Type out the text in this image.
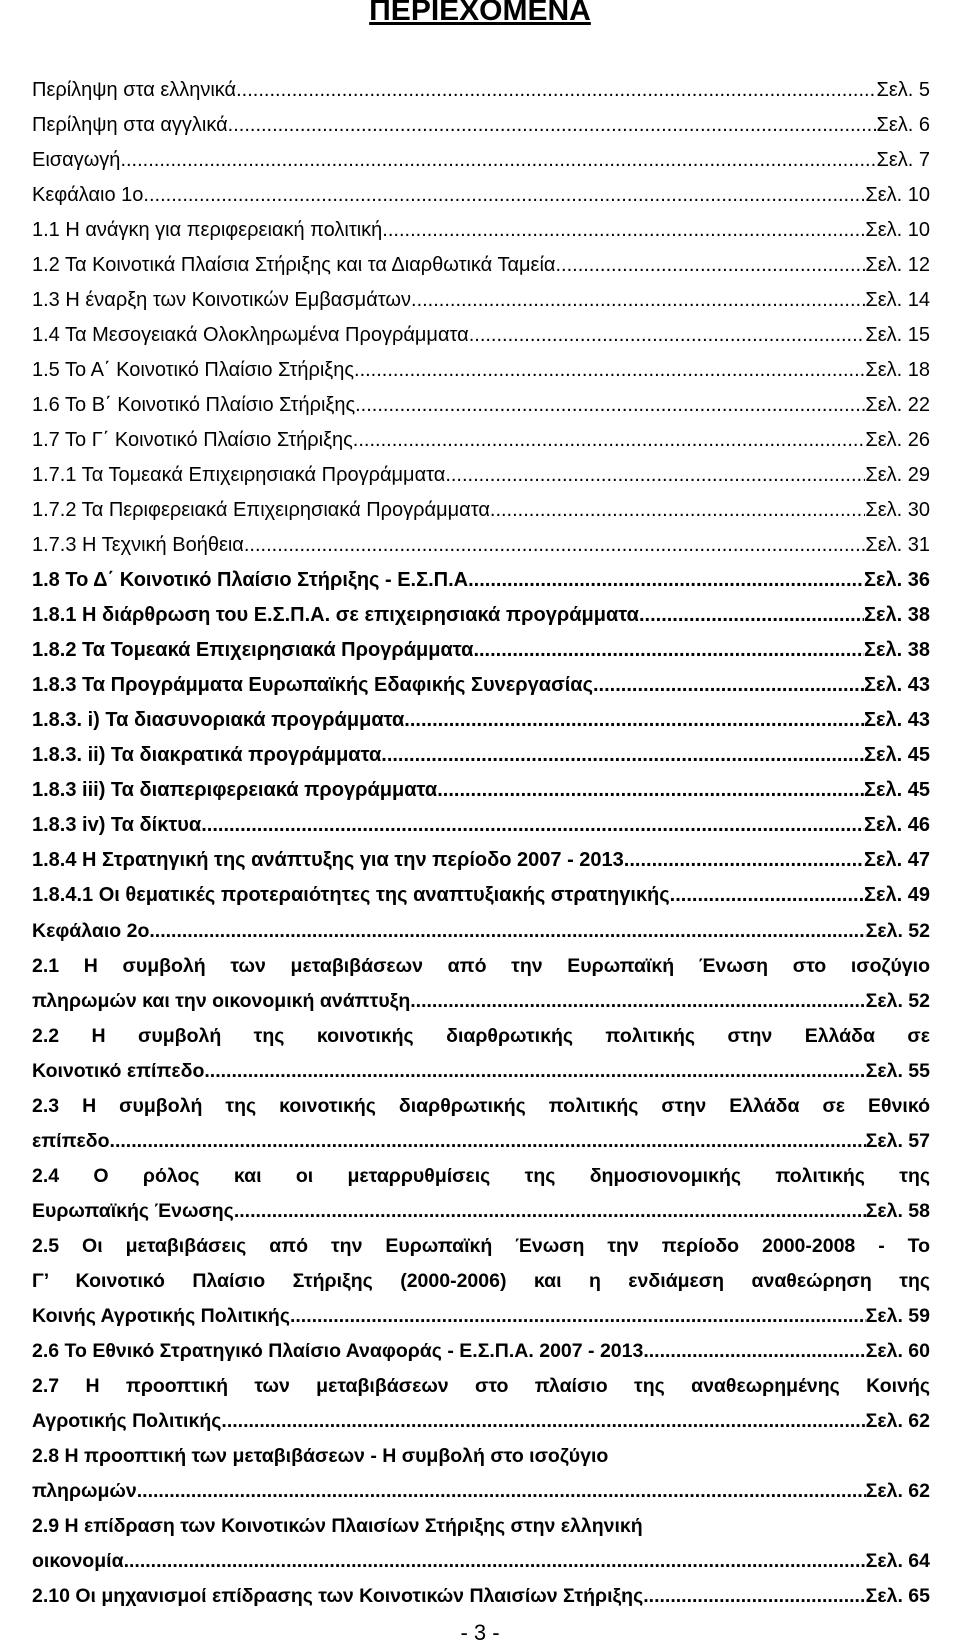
ΠΕΡΙΕΧΟΜΕΝΑ
Περίληψη στα ελληνικά .....	Σελ. 5
Περίληψη στα αγγλικά .....	Σελ. 6
Εισαγωγή .....	Σελ. 7
Κεφάλαιο 1ο .....	Σελ. 10
1.1 Η ανάγκη για περιφερειακή πολιτική .....	Σελ. 10
1.2 Τα Κοινοτικά Πλαίσια Στήριξης και τα Διαρθωτικά Ταμεία .....	Σελ. 12
1.3 Η έναρξη των Κοινοτικών Εμβασμάτων .....	Σελ. 14
1.4 Τα Μεσογειακά Ολοκληρωμένα Προγράμματα .....	Σελ. 15
1.5 Το Α΄ Κοινοτικό Πλαίσιο Στήριξης .....	Σελ. 18
1.6 Το Β΄ Κοινοτικό Πλαίσιο Στήριξης .....	Σελ. 22
1.7 Το Γ΄ Κοινοτικό Πλαίσιο Στήριξης .....	Σελ. 26
1.7.1 Τα Τομεακά Επιχειρησιακά Προγράμματα .....	Σελ. 29
1.7.2 Τα Περιφερειακά Επιχειρησιακά Προγράμματα .....	Σελ. 30
1.7.3 Η Τεχνική Βοήθεια .....	Σελ. 31
1.8 Το Δ΄ Κοινοτικό Πλαίσιο Στήριξης - Ε.Σ.Π.Α. .....	Σελ. 36
1.8.1 Η διάρθρωση του Ε.Σ.Π.Α. σε επιχειρησιακά προγράμματα .....	Σελ. 38
1.8.2 Τα Τομεακά Επιχειρησιακά Προγράμματα .....	Σελ. 38
1.8.3 Τα Προγράμματα Ευρωπαϊκής Εδαφικής Συνεργασίας .....	Σελ. 43
1.8.3. i) Τα διασυνοριακά προγράμματα .....	Σελ. 43
1.8.3. ii) Τα διακρατικά προγράμματα .....	Σελ. 45
1.8.3 iii) Τα διαπεριφερειακά προγράμματα .....	Σελ. 45
1.8.3 iv) Τα δίκτυα .....	Σελ. 46
1.8.4 Η Στρατηγική της ανάπτυξης για την περίοδο 2007 - 2013 .....	Σελ. 47
1.8.4.1 Οι θεματικές προτεραιότητες της αναπτυξιακής στρατηγικής .....	Σελ. 49
Κεφάλαιο 2ο .....	Σελ. 52
2.1 Η συμβολή των μεταβιβάσεων από την Ευρωπαϊκή Ένωση στο ισοζύγιο
πληρωμών και την οικονομική ανάπτυξη .....	Σελ. 52
2.2 Η συμβολή της κοινοτικής διαρθρωτικής πολιτικής στην Ελλάδα σε
Κοινοτικό επίπεδο .....	Σελ. 55
2.3 Η συμβολή της κοινοτικής διαρθρωτικής πολιτικής στην Ελλάδα σε Εθνικό
επίπεδο .....	Σελ. 57
2.4 Ο ρόλος και οι μεταρρυθμίσεις της δημοσιονομικής πολιτικής της
Ευρωπαϊκής Ένωσης .....	Σελ. 58
2.5 Οι μεταβιβάσεις από την Ευρωπαϊκή Ένωση την περίοδο 2000-2008 - Το
Γ’ Κοινοτικό Πλαίσιο Στήριξης (2000-2006) και η ενδιάμεση αναθεώρηση της
Κοινής Αγροτικής Πολιτικής .....	Σελ. 59
2.6 Το Εθνικό Στρατηγικό Πλαίσιο Αναφοράς - Ε.Σ.Π.Α. 2007 - 2013 .....	Σελ. 60
2.7 Η προοπτική των μεταβιβάσεων στο πλαίσιο της αναθεωρημένης Κοινής
Αγροτικής Πολιτικής .....	Σελ. 62
2.8 Η προοπτική των μεταβιβάσεων - Η συμβολή στο ισοζύγιο
πληρωμών .....	Σελ. 62
2.9 Η επίδραση των Κοινοτικών Πλαισίων Στήριξης στην ελληνική
οικονομία .....	Σελ. 64
2.10 Οι μηχανισμοί επίδρασης των Κοινοτικών Πλαισίων Στήριξης .....	Σελ. 65
- 3 -
